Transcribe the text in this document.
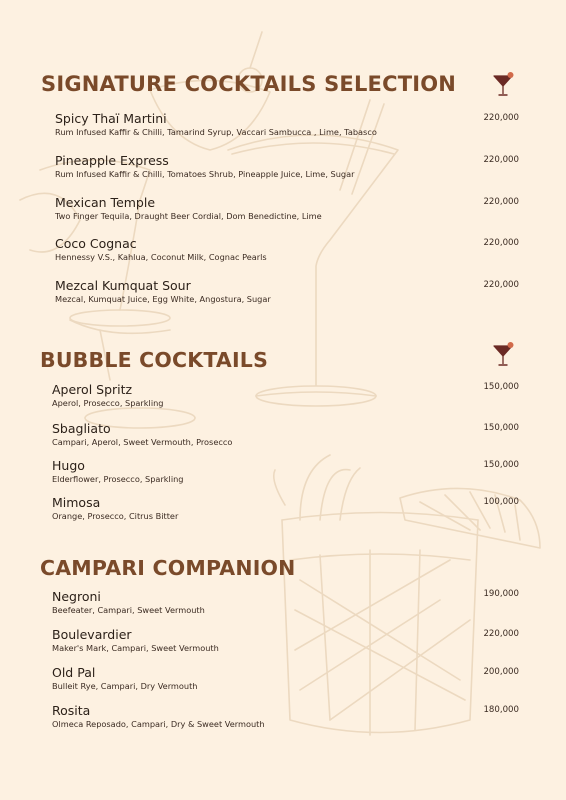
SIGNATURE COCKTAILS SELECTION
Spicy Thaï Martini
Rum Infused Kaffir & Chilli, Tamarind Syrup, Vaccari Sambucca , Lime, Tabasco
220,000
Pineapple Express
Rum Infused Kaffir & Chilli, Tomatoes Shrub, Pineapple Juice, Lime, Sugar
220,000
Mexican Temple
Two Finger Tequila, Draught Beer Cordial, Dom Benedictine, Lime
220,000
Coco Cognac
Hennessy V.S., Kahlua, Coconut Milk, Cognac Pearls
220,000
Mezcal Kumquat Sour
Mezcal, Kumquat Juice, Egg White, Angostura, Sugar
220,000
BUBBLE COCKTAILS
Aperol Spritz
Aperol, Prosecco, Sparkling
150,000
Sbagliato
Campari, Aperol, Sweet Vermouth, Prosecco
150,000
Hugo
Elderflower, Prosecco, Sparkling
150,000
Mimosa
Orange, Prosecco, Citrus Bitter
100,000
CAMPARI COMPANION
Negroni
Beefeater, Campari, Sweet Vermouth
190,000
Boulevardier
Maker's Mark, Campari, Sweet Vermouth
220,000
Old Pal
Bulleit Rye, Campari, Dry Vermouth
200,000
Rosita
Olmeca Reposado, Campari, Dry & Sweet Vermouth
180,000
